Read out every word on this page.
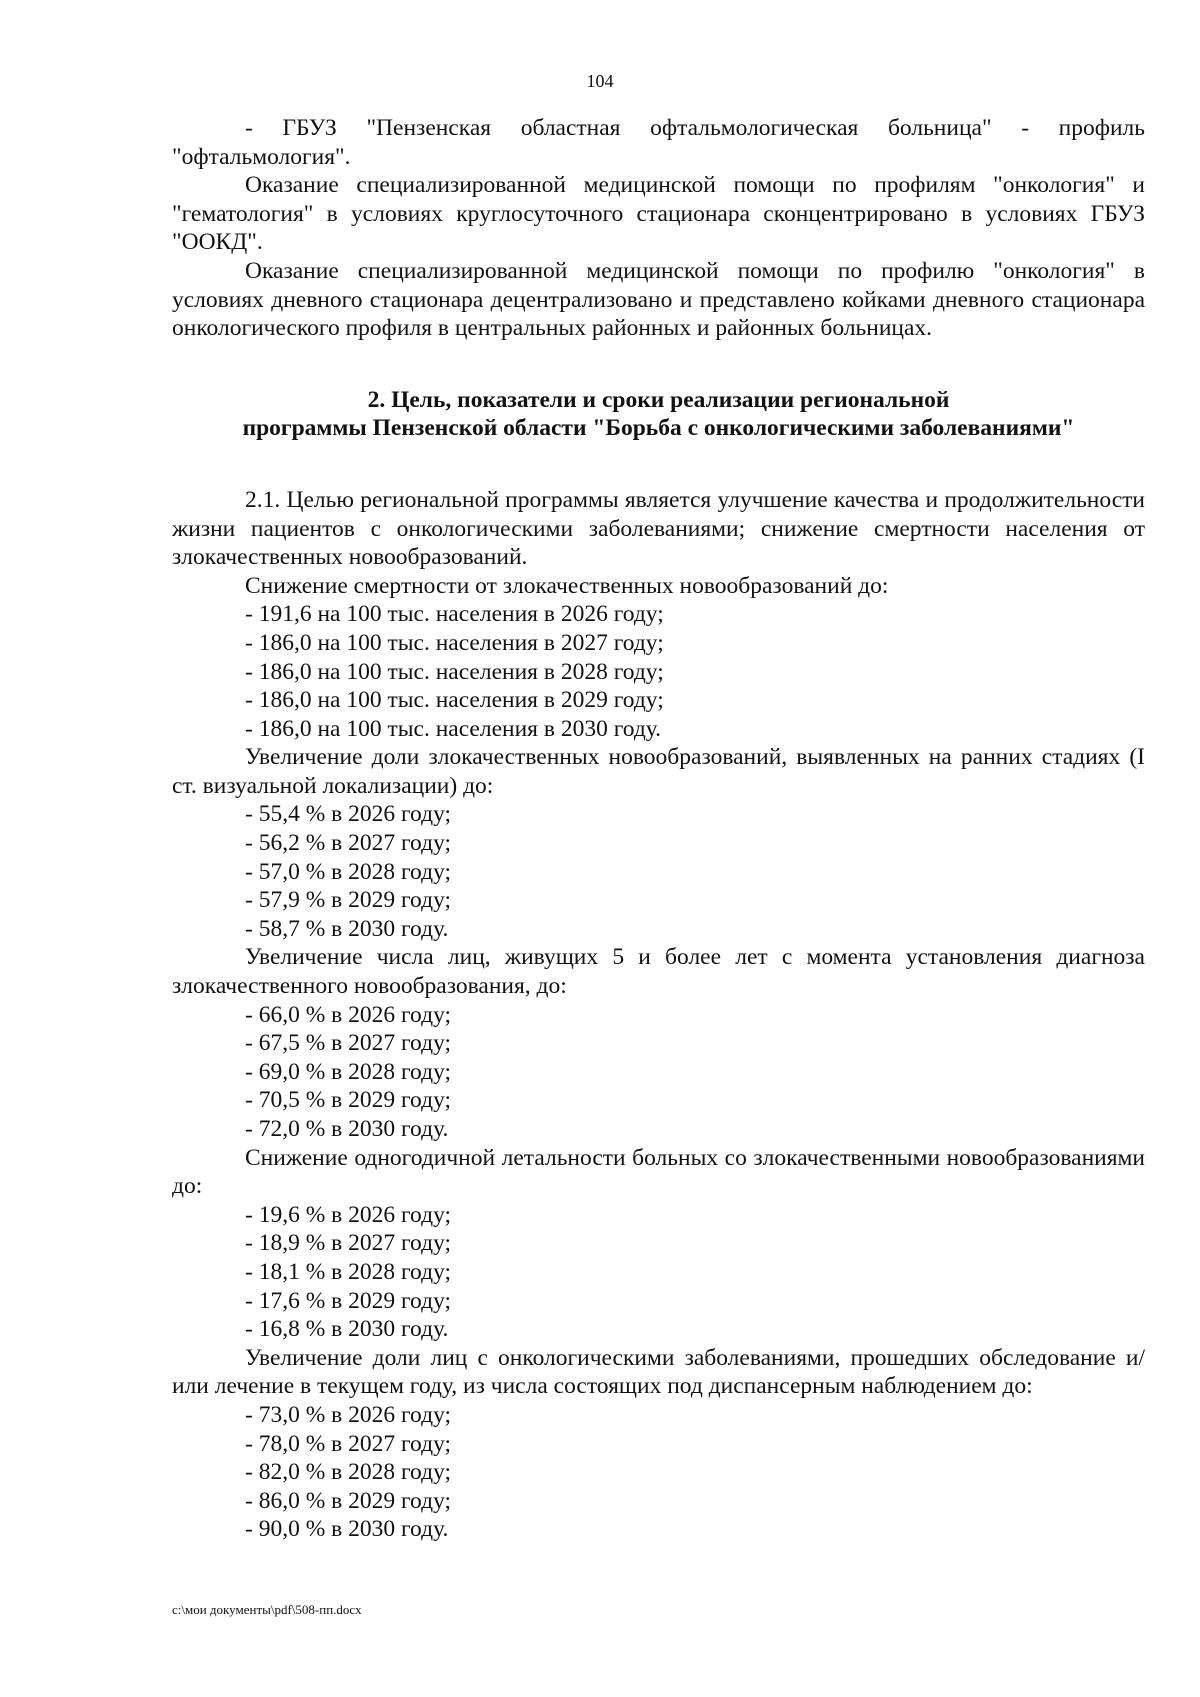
104

- ГБУЗ "Пензенская областная офтальмологическая больница" - профиль "офтальмология".

Оказание специализированной медицинской помощи по профилям "онкология" и "гематология" в условиях круглосуточного стационара сконцентрировано в условиях ГБУЗ "ООКД".

Оказание специализированной медицинской помощи по профилю "онкология" в условиях дневного стационара децентрализовано и представлено койками дневного стационара онкологического профиля в центральных районных и районных больницах.

2. Цель, показатели и сроки реализации региональной
программы Пензенской области "Борьба с онкологическими заболеваниями"

2.1. Целью региональной программы является улучшение качества и продолжительности жизни пациентов с онкологическими заболеваниями; снижение смертности населения от злокачественных новообразований.

Снижение смертности от злокачественных новообразований до:

- 191,6 на 100 тыс. населения в 2026 году;

- 186,0 на 100 тыс. населения в 2027 году;

- 186,0 на 100 тыс. населения в 2028 году;

- 186,0 на 100 тыс. населения в 2029 году;

- 186,0 на 100 тыс. населения в 2030 году.

Увеличение доли злокачественных новообразований, выявленных на ранних стадиях (I ст. визуальной локализации) до:

- 55,4 % в 2026 году;

- 56,2 % в 2027 году;

- 57,0 % в 2028 году;

- 57,9 % в 2029 году;

- 58,7 % в 2030 году.

Увеличение числа лиц, живущих 5 и более лет с момента установления диагноза злокачественного новообразования, до:

- 66,0 % в 2026 году;

- 67,5 % в 2027 году;

- 69,0 % в 2028 году;

- 70,5 % в 2029 году;

- 72,0 % в 2030 году.

Снижение одногодичной летальности больных со злокачественными новообразованиями до:

- 19,6 % в 2026 году;

- 18,9 % в 2027 году;

- 18,1 % в 2028 году;

- 17,6 % в 2029 году;

- 16,8 % в 2030 году.

Увеличение доли лиц с онкологическими заболеваниями, прошедших обследование и/или лечение в текущем году, из числа состоящих под диспансерным наблюдением до:

- 73,0 % в 2026 году;

- 78,0 % в 2027 году;

- 82,0 % в 2028 году;

- 86,0 % в 2029 году;

- 90,0 % в 2030 году.

c:\мои документы\pdf\508-пп.docx
